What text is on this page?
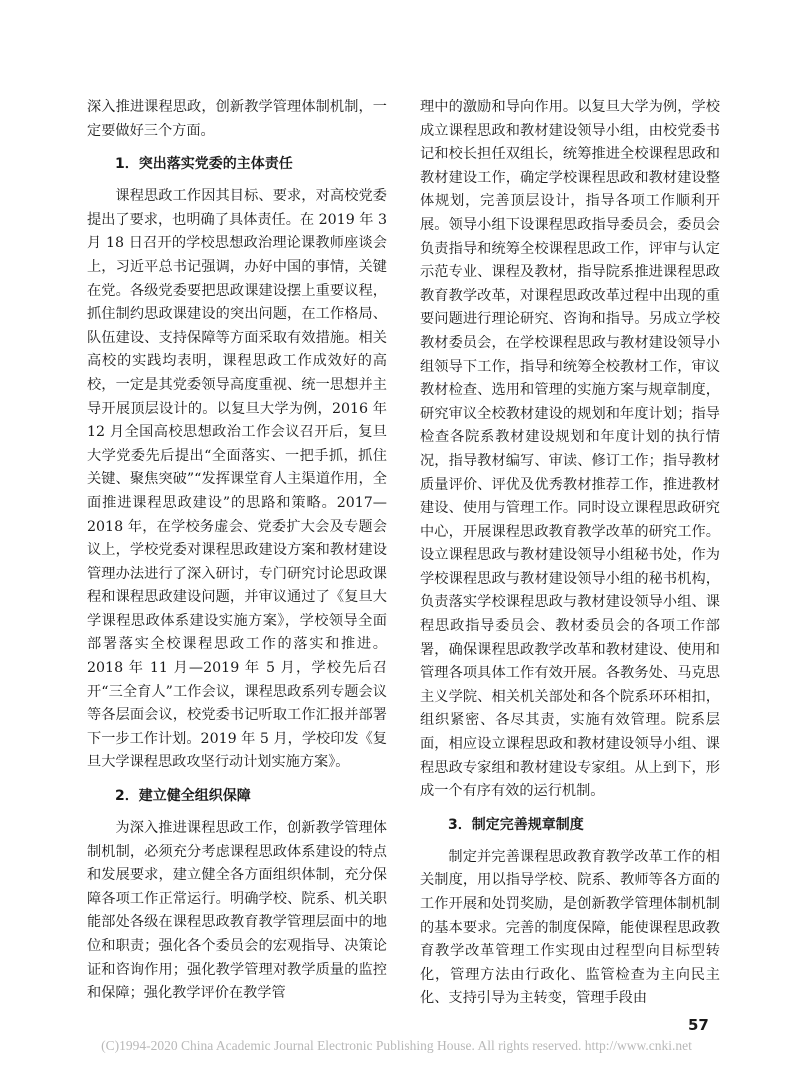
深入推进课程思政，创新教学管理体制机制，一定要做好三个方面。

1．突出落实党委的主体责任

课程思政工作因其目标、要求，对高校党委提出了要求，也明确了具体责任。在 2019 年 3 月 18 日召开的学校思想政治理论课教师座谈会上，习近平总书记强调，办好中国的事情，关键在党。各级党委要把思政课建设摆上重要议程，抓住制约思政课建设的突出问题，在工作格局、队伍建设、支持保障等方面采取有效措施。相关高校的实践均表明，课程思政工作成效好的高校，一定是其党委领导高度重视、统一思想并主导开展顶层设计的。以复旦大学为例，2016 年 12 月全国高校思想政治工作会议召开后，复旦大学党委先后提出“全面落实、一把手抓，抓住关键、聚焦突破”“发挥课堂育人主渠道作用，全面推进课程思政建设”的思路和策略。2017—2018 年，在学校务虚会、党委扩大会及专题会议上，学校党委对课程思政建设方案和教材建设管理办法进行了深入研讨，专门研究讨论思政课程和课程思政建设问题，并审议通过了《复旦大学课程思政体系建设实施方案》，学校领导全面部署落实全校课程思政工作的落实和推进。2018 年 11 月—2019 年 5 月，学校先后召开“三全育人”工作会议，课程思政系列专题会议等各层面会议，校党委书记听取工作汇报并部署下一步工作计划。2019 年 5 月，学校印发《复旦大学课程思政攻坚行动计划实施方案》。

2．建立健全组织保障

为深入推进课程思政工作，创新教学管理体制机制，必须充分考虑课程思政体系建设的特点和发展要求，建立健全各方面组织体制，充分保障各项工作正常运行。明确学校、院系、机关职能部处各级在课程思政教育教学管理层面中的地位和职责；强化各个委员会的宏观指导、决策论证和咨询作用；强化教学管理对教学质量的监控和保障；强化教学评价在教学管

理中的激励和导向作用。以复旦大学为例，学校成立课程思政和教材建设领导小组，由校党委书记和校长担任双组长，统筹推进全校课程思政和教材建设工作，确定学校课程思政和教材建设整体规划，完善顶层设计，指导各项工作顺利开展。领导小组下设课程思政指导委员会，委员会负责指导和统筹全校课程思政工作，评审与认定示范专业、课程及教材，指导院系推进课程思政教育教学改革，对课程思政改革过程中出现的重要问题进行理论研究、咨询和指导。另成立学校教材委员会，在学校课程思政与教材建设领导小组领导下工作，指导和统筹全校教材工作，审议教材检查、选用和管理的实施方案与规章制度，研究审议全校教材建设的规划和年度计划；指导检查各院系教材建设规划和年度计划的执行情况，指导教材编写、审读、修订工作；指导教材质量评价、评优及优秀教材推荐工作，推进教材建设、使用与管理工作。同时设立课程思政研究中心，开展课程思政教育教学改革的研究工作。设立课程思政与教材建设领导小组秘书处，作为学校课程思政与教材建设领导小组的秘书机构，负责落实学校课程思政与教材建设领导小组、课程思政指导委员会、教材委员会的各项工作部署，确保课程思政教学改革和教材建设、使用和管理各项具体工作有效开展。各教务处、马克思主义学院、相关机关部处和各个院系环环相扣，组织紧密、各尽其责，实施有效管理。院系层面，相应设立课程思政和教材建设领导小组、课程思政专家组和教材建设专家组。从上到下，形成一个有序有效的运行机制。

3．制定完善规章制度

制定并完善课程思政教育教学改革工作的相关制度，用以指导学校、院系、教师等各方面的工作开展和处罚奖励，是创新教学管理体制机制的基本要求。完善的制度保障，能使课程思政教育教学改革管理工作实现由过程型向目标型转化，管理方法由行政化、监管检查为主向民主化、支持引导为主转变，管理手段由

57
(C)1994-2020 China Academic Journal Electronic Publishing House. All rights reserved. http://www.cnki.net
